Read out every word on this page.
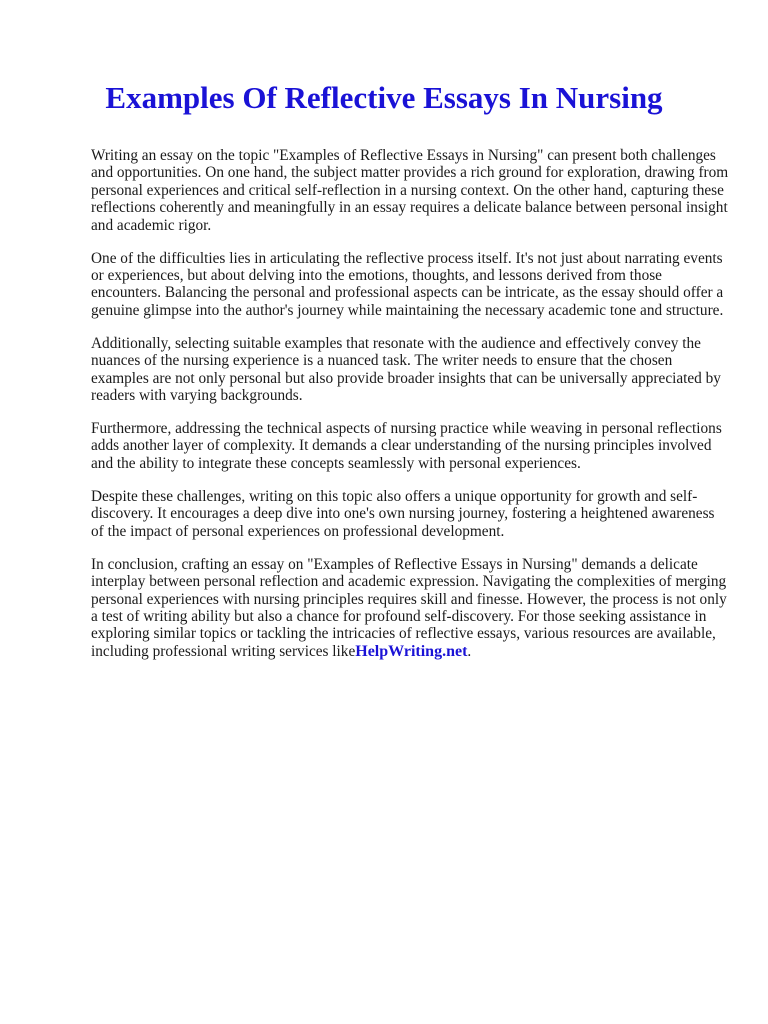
Examples Of Reflective Essays In Nursing

Writing an essay on the topic "Examples of Reflective Essays in Nursing" can present both challenges and opportunities. On one hand, the subject matter provides a rich ground for exploration, drawing from personal experiences and critical self-reflection in a nursing context. On the other hand, capturing these reflections coherently and meaningfully in an essay requires a delicate balance between personal insight and academic rigor.

One of the difficulties lies in articulating the reflective process itself. It's not just about narrating events or experiences, but about delving into the emotions, thoughts, and lessons derived from those encounters. Balancing the personal and professional aspects can be intricate, as the essay should offer a genuine glimpse into the author's journey while maintaining the necessary academic tone and structure.

Additionally, selecting suitable examples that resonate with the audience and effectively convey the nuances of the nursing experience is a nuanced task. The writer needs to ensure that the chosen examples are not only personal but also provide broader insights that can be universally appreciated by readers with varying backgrounds.

Furthermore, addressing the technical aspects of nursing practice while weaving in personal reflections adds another layer of complexity. It demands a clear understanding of the nursing principles involved and the ability to integrate these concepts seamlessly with personal experiences.

Despite these challenges, writing on this topic also offers a unique opportunity for growth and self-discovery. It encourages a deep dive into one's own nursing journey, fostering a heightened awareness of the impact of personal experiences on professional development.

In conclusion, crafting an essay on "Examples of Reflective Essays in Nursing" demands a delicate interplay between personal reflection and academic expression. Navigating the complexities of merging personal experiences with nursing principles requires skill and finesse. However, the process is not only a test of writing ability but also a chance for profound self-discovery. For those seeking assistance in exploring similar topics or tackling the intricacies of reflective essays, various resources are available, including professional writing services likeHelpWriting.net.
